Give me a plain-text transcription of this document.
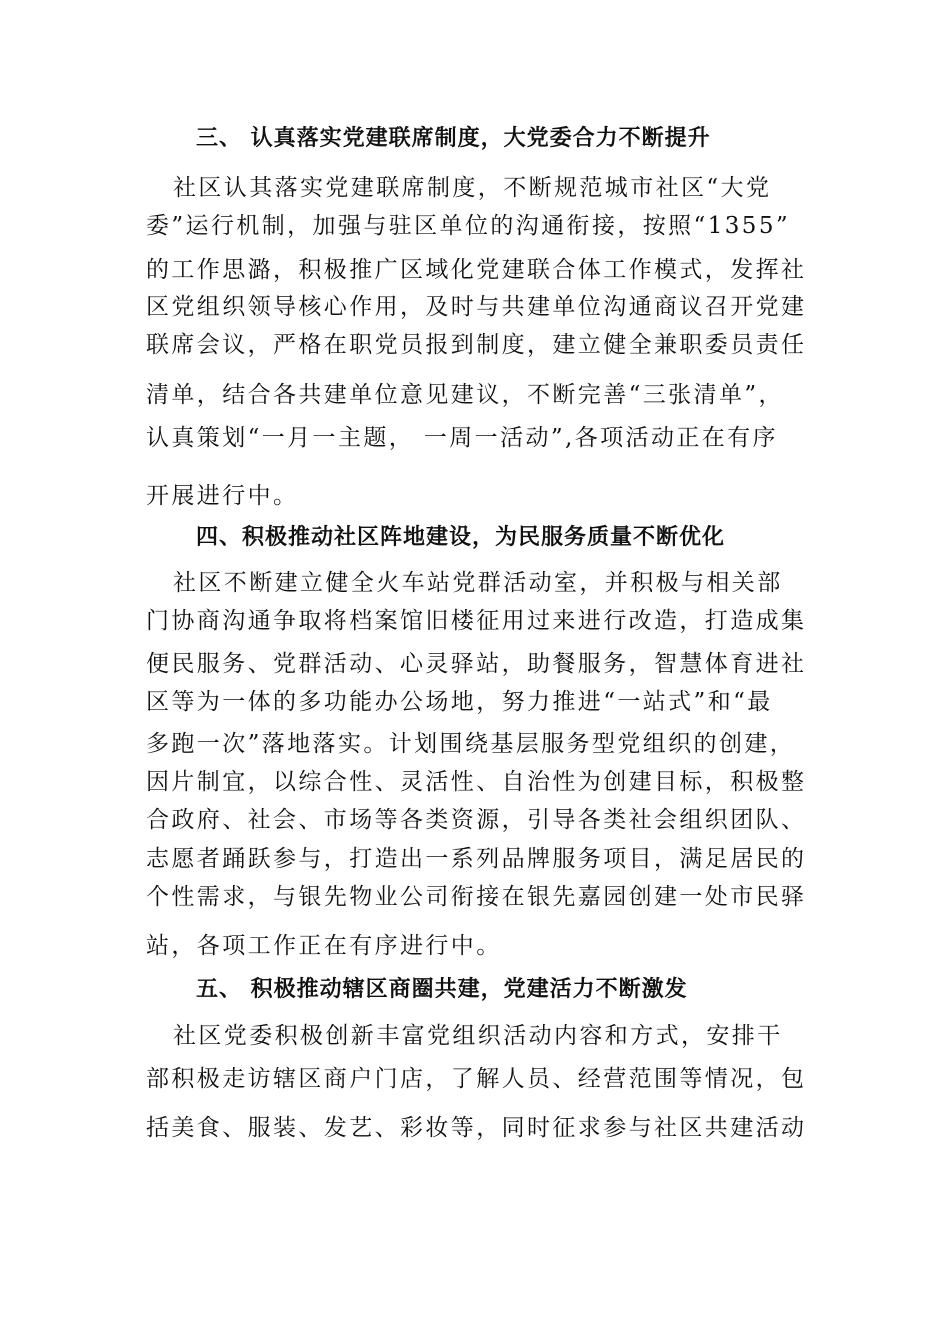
三、 认真落实党建联席制度，大党委合力不断提升
社区认其落实党建联席制度，不断规范城市社区“大党
委”运行机制，加强与驻区单位的沟通衔接，按照“1355”
的工作思潞，积极推广区域化党建联合体工作模式，发挥社
区党组织领导核心作用，及时与共建单位沟通商议召开党建
联席会议，严格在职党员报到制度，建立健全兼职委员责任
清单，结合各共建单位意见建议，不断完善“三张清单”，
认真策划“一月一主题， 一周一活动”,各项活动正在有序
开展进行中。
四、积极推动社区阵地建设，为民服务质量不断优化
社区不断建立健全火车站党群活动室，并积极与相关部
门协商沟通争取将档案馆旧楼征用过来进行改造，打造成集
便民服务、党群活动、心灵驿站，助餐服务，智慧体育进社
区等为一体的多功能办公场地，努力推进“一站式”和“最
多跑一次”落地落实。计划围绕基层服务型党组织的创建，
因片制宜，以综合性、灵活性、自治性为创建目标，积极整
合政府、社会、市场等各类资源，引导各类社会组织团队、
志愿者踊跃参与，打造出一系列品牌服务项目，满足居民的
个性需求，与银先物业公司衔接在银先嘉园创建一处市民驿
站，各项工作正在有序进行中。
五、 积极推动辖区商圈共建，党建活力不断激发
社区党委积极创新丰富党组织活动内容和方式，安排干
部积极走访辖区商户门店，了解人员、经营范围等情况，包
括美食、服装、发艺、彩妆等，同时征求参与社区共建活动
